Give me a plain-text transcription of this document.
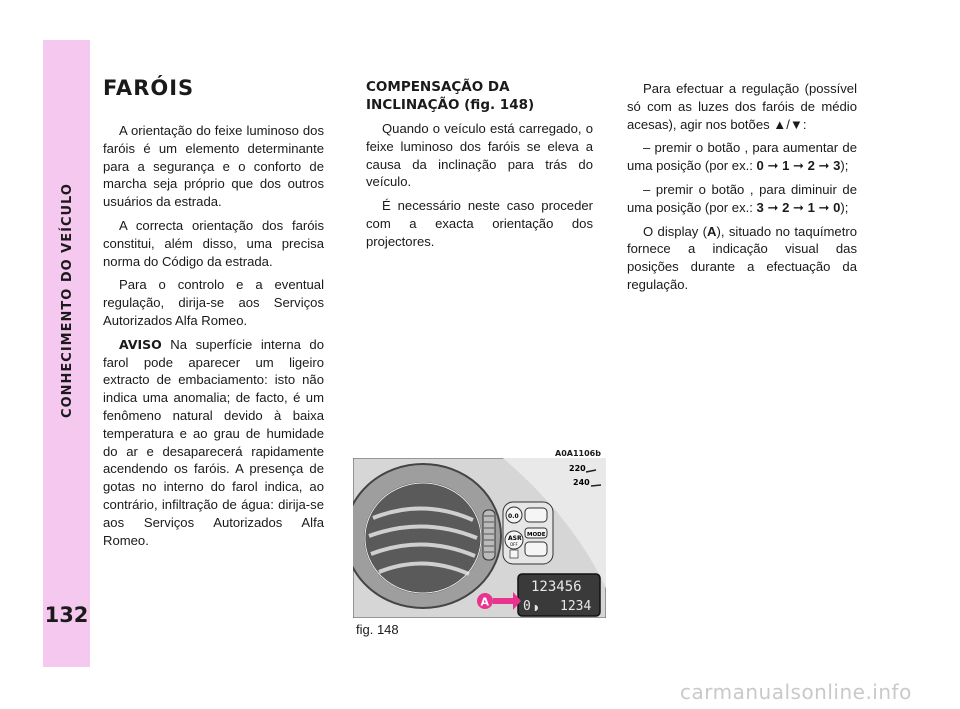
CONHECIMENTO DO VEÍCULO
132
FARÓIS

A orientação do feixe luminoso dos faróis é um elemento determinante para a segurança e o conforto de marcha seja próprio que dos outros usuários da estrada.

A correcta orientação dos faróis constitui, além disso, uma precisa norma do Código da estrada.

Para o controlo e a eventual regulação, dirija-se aos Serviços Autorizados Alfa Romeo.

AVISO Na superfície interna do farol pode aparecer um ligeiro extracto de embaciamento: isto não indica uma anomalia; de facto, é um fenômeno natural devido à baixa temperatura e ao grau de humidade do ar e desaparecerá rapidamente acendendo os faróis. A presença de gotas no interno do farol indica, ao contrário, infiltração de água: dirija-se aos Serviços Autorizados Alfa Romeo.

COMPENSAÇÃO DA
INCLINAÇÃO (fig. 148)

Quando o veículo está carregado, o feixe luminoso dos faróis se eleva a causa da inclinação para trás do veículo.

É necessário neste caso proceder com a exacta orientação dos projectores.

Para efectuar a regulação (possível só com as luzes dos faróis de médio acesas), agir nos botões ▲/▼:

– premir o botão , para aumentar de uma posição (por ex.: 0 ➞ 1 ➞ 2 ➞ 3);

– premir o botão , para diminuir de uma posição (por ex.: 3 ➞ 2 ➞ 1 ➞ 0);

O display (A), situado no taquímetro fornece a indicação visual das posições durante a efectuação da regulação.

A0A1106b
220
240
0.0
ASR
OFF
MODE
123456
0 ◗ 1234
A
fig. 148
carmanualsonline.info
